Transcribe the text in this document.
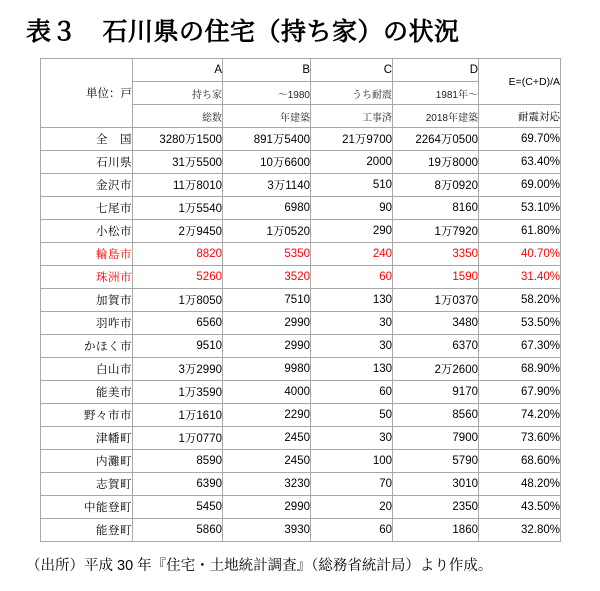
表３　石川県の住宅（持ち家）の状況
単位：戸	A	B	C	D	E=(C+D)/A
	持ち家	～1980	うち耐震	1981年～	
	総数	年建築	工事済	2018年建築	耐震対応
全　国	3280万1500	891万5400	21万9700	2264万0500	69.70%
石川県	31万5500	10万6600	2000	19万8000	63.40%
金沢市	11万8010	3万1140	510	8万0920	69.00%
七尾市	1万5540	6980	90	8160	53.10%
小松市	2万9450	1万0520	290	1万7920	61.80%
輪島市	8820	5350	240	3350	40.70%
珠洲市	5260	3520	60	1590	31.40%
加賀市	1万8050	7510	130	1万0370	58.20%
羽咋市	6560	2990	30	3480	53.50%
かほく市	9510	2990	30	6370	67.30%
白山市	3万2990	9980	130	2万2600	68.90%
能美市	1万3590	4000	60	9170	67.90%
野々市市	1万1610	2290	50	8560	74.20%
津幡町	1万0770	2450	30	7900	73.60%
内灘町	8590	2450	100	5790	68.60%
志賀町	6390	3230	70	3010	48.20%
中能登町	5450	2990	20	2350	43.50%
能登町	5860	3930	60	1860	32.80%
（出所）平成 30 年『住宅・土地統計調査』（総務省統計局）より作成。
